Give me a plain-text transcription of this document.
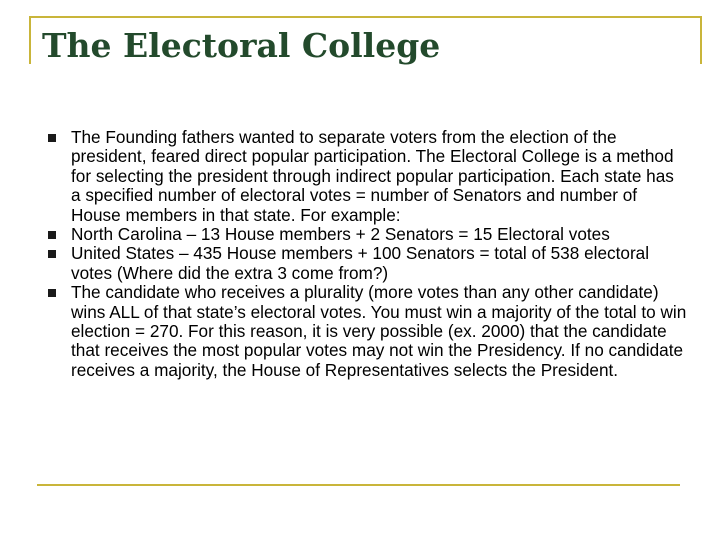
The Electoral College
The Founding fathers wanted to separate voters from the election of the president, feared direct popular participation. The Electoral College is a method for selecting the president through indirect popular participation. Each state has a specified number of electoral votes = number of Senators and number of House members in that state. For example:
North Carolina – 13 House members + 2 Senators = 15 Electoral votes
United States – 435 House members + 100 Senators = total of 538 electoral votes (Where did the extra 3 come from?)
The candidate who receives a plurality (more votes than any other candidate) wins ALL of that state’s electoral votes. You must win a majority of the total to win election = 270. For this reason, it is very possible (ex. 2000) that the candidate that receives the most popular votes may not win the Presidency. If no candidate receives a majority, the House of Representatives selects the President.
